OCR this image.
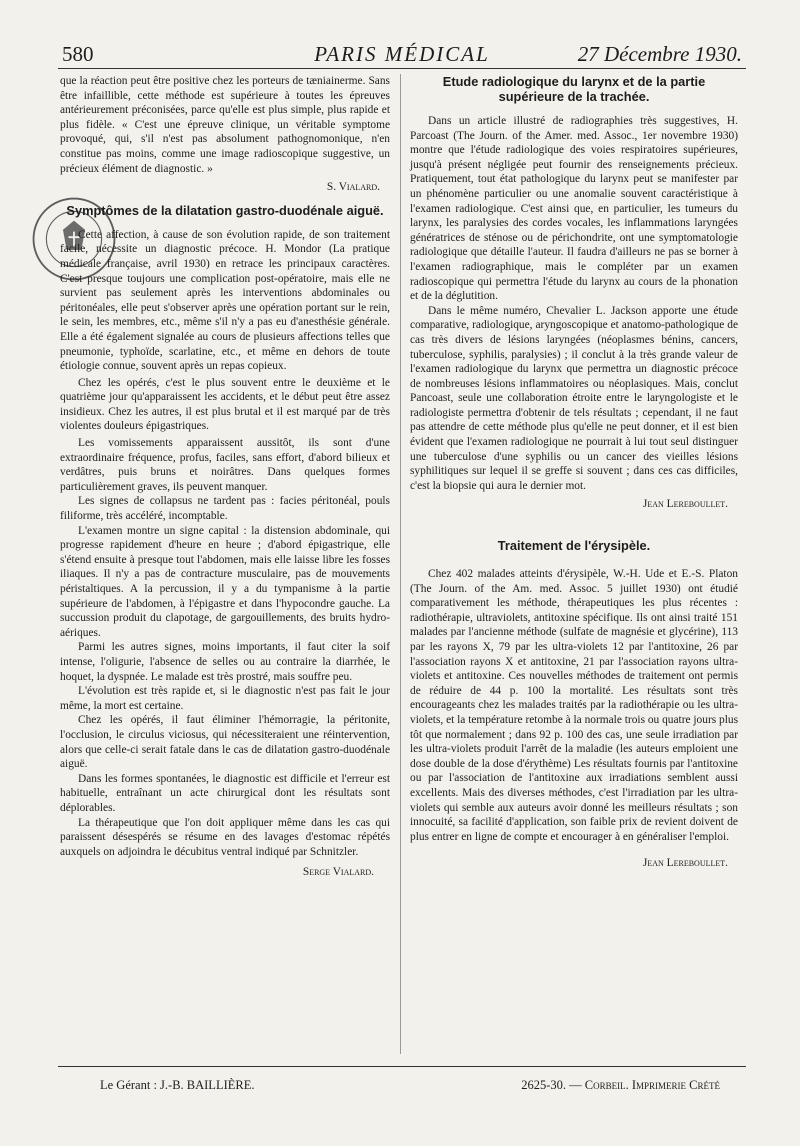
580	PARIS MÉDICAL	27 Décembre 1930.

que la réaction peut être positive chez les porteurs de tæniainerme. Sans être infaillible, cette méthode est supérieure à toutes les épreuves antérieurement préconisées, parce qu'elle est plus simple, plus rapide et plus fidèle. « C'est une épreuve clinique, un véritable symptome provoqué, qui, s'il n'est pas absolument pathognomonique, n'en constitue pas moins, comme une image radioscopique suggestive, un précieux élément de diagnostic. »

S. Vialard.

Symptômes de la dilatation gastro-duodénale aiguë.

Cette affection, à cause de son évolution rapide, de son traitement facile, nécessite un diagnostic précoce. H. Mondor (La pratique médicale française, avril 1930) en retrace les principaux caractères. C'est presque toujours une complication post-opératoire, mais elle ne survient pas seulement après les interventions abdominales ou péritonéales, elle peut s'observer après une opération portant sur le rein, le sein, les membres, etc., même s'il n'y a pas eu d'anesthésie générale. Elle a été également signalée au cours de plusieurs affections telles que pneumonie, typhoïde, scarlatine, etc., et même en dehors de toute étiologie connue, souvent après un repas copieux.

Chez les opérés, c'est le plus souvent entre le deuxième et le quatrième jour qu'apparaissent les accidents, et le début peut être assez insidieux. Chez les autres, il est plus brutal et il est marqué par de très violentes douleurs épigastriques.

Les vomissements apparaissent aussitôt, ils sont d'une extraordinaire fréquence, profus, faciles, sans effort, d'abord bilieux et verdâtres, puis bruns et noirâtres. Dans quelques formes particulièrement graves, ils peuvent manquer.

Les signes de collapsus ne tardent pas : facies péritonéal, pouls filiforme, très accéléré, incomptable.

L'examen montre un signe capital : la distension abdominale, qui progresse rapidement d'heure en heure ; d'abord épigastrique, elle s'étend ensuite à presque tout l'abdomen, mais elle laisse libre les fosses iliaques. Il n'y a pas de contracture musculaire, pas de mouvements péristaltiques. A la percussion, il y a du tympanisme à la partie supérieure de l'abdomen, à l'épigastre et dans l'hypocondre gauche. La succussion produit du clapotage, de gargouillements, des bruits hydro-aériques.

Parmi les autres signes, moins importants, il faut citer la soif intense, l'oligurie, l'absence de selles ou au contraire la diarrhée, le hoquet, la dyspnée. Le malade est très prostré, mais souffre peu.

L'évolution est très rapide et, si le diagnostic n'est pas fait le jour même, la mort est certaine.

Chez les opérés, il faut éliminer l'hémorragie, la péritonite, l'occlusion, le circulus viciosus, qui nécessiteraient une réintervention, alors que celle-ci serait fatale dans le cas de dilatation gastro-duodénale aiguë.

Dans les formes spontanées, le diagnostic est difficile et l'erreur est habituelle, entraînant un acte chirurgical dont les résultats sont déplorables.

La thérapeutique que l'on doit appliquer même dans les cas qui paraissent désespérés se résume en des lavages d'estomac répétés auxquels on adjoindra le décubitus ventral indiqué par Schnitzler.

Serge Vialard.

Etude radiologique du larynx et de la partie supérieure de la trachée.

Dans un article illustré de radiographies très suggestives, H. Parcoast (The Journ. of the Amer. med. Assoc., 1er novembre 1930) montre que l'étude radiologique des voies respiratoires supérieures, jusqu'à présent négligée peut fournir des renseignements précieux. Pratiquement, tout état pathologique du larynx peut se manifester par un phénomène particulier ou une anomalie souvent caractéristique à l'examen radiologique. C'est ainsi que, en particulier, les tumeurs du larynx, les paralysies des cordes vocales, les inflammations laryngées génératrices de sténose ou de périchondrite, ont une symptomatologie radiologique que détaille l'auteur. Il faudra d'ailleurs ne pas se borner à l'examen radiographique, mais le compléter par un examen radioscopique qui permettra l'étude du larynx au cours de la phonation et de la déglutition.

Dans le même numéro, Chevalier L. Jackson apporte une étude comparative, radiologique, aryngoscopique et anatomo-pathologique de cas très divers de lésions laryngées (néoplasmes bénins, cancers, tuberculose, syphilis, paralysies) ; il conclut à la très grande valeur de l'examen radiologique du larynx que permettra un diagnostic précoce de nombreuses lésions inflammatoires ou néoplasiques. Mais, conclut Pancoast, seule une collaboration étroite entre le laryngologiste et le radiologiste permettra d'obtenir de tels résultats ; cependant, il ne faut pas attendre de cette méthode plus qu'elle ne peut donner, et il est bien évident que l'examen radiologique ne pourrait à lui tout seul distinguer une tuberculose d'une syphilis ou un cancer des vieilles lésions syphilitiques sur lequel il se greffe si souvent ; dans ces cas difficiles, c'est la biopsie qui aura le dernier mot.

Jean Lereboullet.

Traitement de l'érysipèle.

Chez 402 malades atteints d'érysipèle, W.-H. Ude et E.-S. Platon (The Journ. of the Am. med. Assoc. 5 juillet 1930) ont étudié comparativement les méthode, thérapeutiques les plus récentes : radiothérapie, ultraviolets, antitoxine spécifique. Ils ont ainsi traité 151 malades par l'ancienne méthode (sulfate de magnésie et glycérine), 113 par les rayons X, 79 par les ultra-violets 12 par l'antitoxine, 26 par l'association rayons X et antitoxine, 21 par l'association rayons ultra-violets et antitoxine. Ces nouvelles méthodes de traitement ont permis de réduire de 44 p. 100 la mortalité. Les résultats sont très encourageants chez les malades traités par la radiothérapie ou les ultra-violets, et la température retombe à la normale trois ou quatre jours plus tôt que normalement ; dans 92 p. 100 des cas, une seule irradiation par les ultra-violets produit l'arrêt de la maladie (les auteurs emploient une dose double de la dose d'érythème) Les résultats fournis par l'antitoxine ou par l'association de l'antitoxine aux irradiations semblent aussi excellents. Mais des diverses méthodes, c'est l'irradiation par les ultra-violets qui semble aux auteurs avoir donné les meilleurs résultats ; son innocuité, sa facilité d'application, son faible prix de revient doivent de plus entrer en ligne de compte et encourager à en généraliser l'emploi.

Jean Lereboullet.

Le Gérant : J.-B. BAILLIÈRE.	2625-30. — Corbeil. Imprimerie Crété
